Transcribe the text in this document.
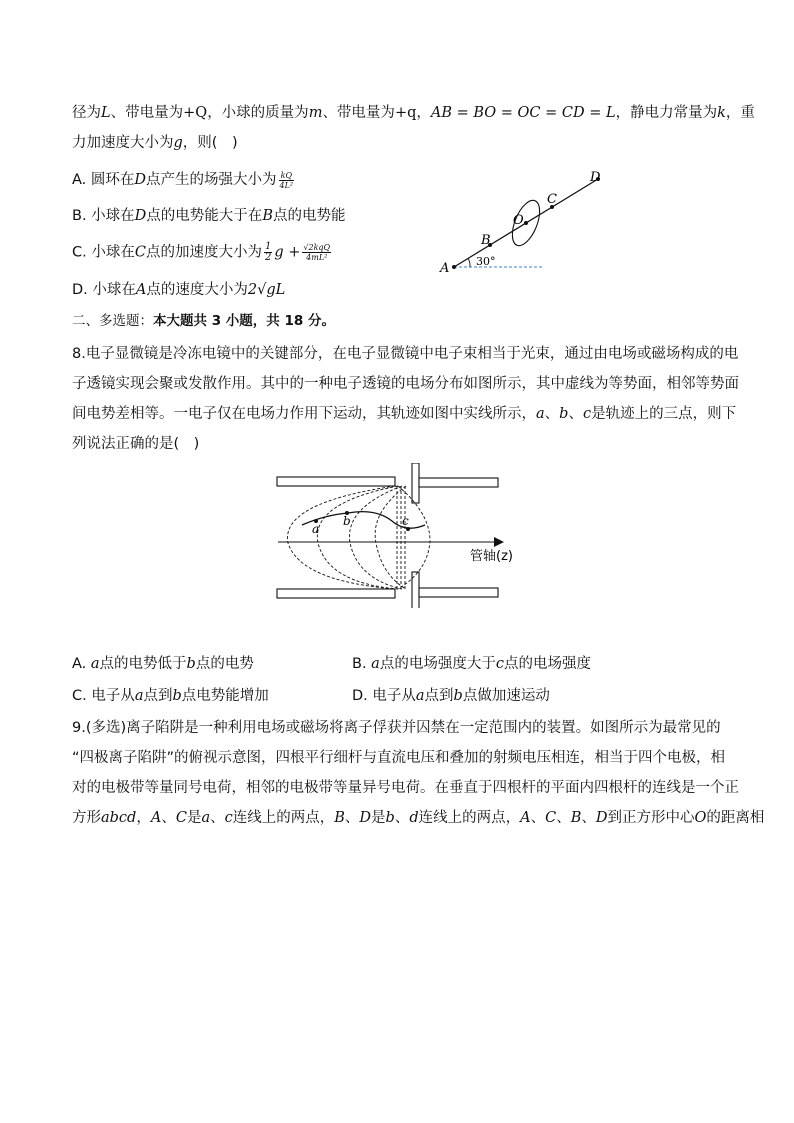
径为L、带电量为+Q，小球的质量为m、带电量为+q，AB = BO = OC = CD = L，静电力常量为k，重
力加速度大小为g，则(　)
A. 圆环在D点产生的场强大小为 $\frac{kQ}{\text{4L²}}$
B. 小球在D点的电势能大于在B点的电势能
C. 小球在C点的加速度大小为 $\frac{1}{2}$ $g + \frac{\text{√2kqQ}}{\text{4mL²}}$
D. 小球在A点的速度大小为2√gL
A
B
O
C
D
30°
二、多选题：本大题共 3 小题，共 18 分。
8.电子显微镜是冷冻电镜中的关键部分，在电子显微镜中电子束相当于光束，通过由电场或磁场构成的电
子透镜实现会聚或发散作用。其中的一种电子透镜的电场分布如图所示，其中虚线为等势面，相邻等势面
间电势差相等。一电子仅在电场力作用下运动，其轨迹如图中实线所示，a、b、c是轨迹上的三点，则下
列说法正确的是(　)
a
b	c
管轴(z)
A. a点的电势低于b点的电势	B. a点的电场强度大于c点的电场强度
C. 电子从a点到b点电势能增加	D. 电子从a点到b点做加速运动
9.(多选)离子陷阱是一种利用电场或磁场将离子俘获并囚禁在一定范围内的装置。如图所示为最常见的
“四极离子陷阱”的俯视示意图，四根平行细杆与直流电压和叠加的射频电压相连，相当于四个电极，相
对的电极带等量同号电荷，相邻的电极带等量异号电荷。在垂直于四根杆的平面内四根杆的连线是一个正
方形abcd，A、C是a、c连线上的两点，B、D是b、d连线上的两点，A、C、B、D到正方形中心O的距离相
